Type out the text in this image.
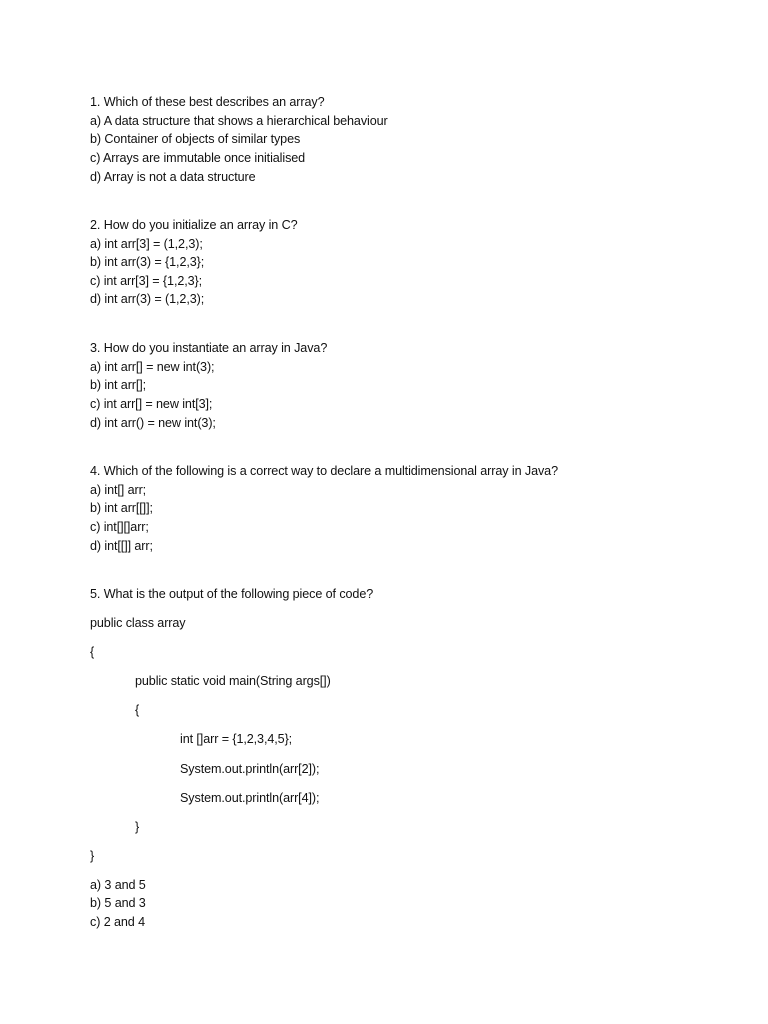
1. Which of these best describes an array?
a) A data structure that shows a hierarchical behaviour
b) Container of objects of similar types
c) Arrays are immutable once initialised
d) Array is not a data structure
2. How do you initialize an array in C?
a) int arr[3] = (1,2,3);
b) int arr(3) = {1,2,3};
c) int arr[3] = {1,2,3};
d) int arr(3) = (1,2,3);
3. How do you instantiate an array in Java?
a) int arr[] = new int(3);
b) int arr[];
c) int arr[] = new int[3];
d) int arr() = new int(3);
4. Which of the following is a correct way to declare a multidimensional array in Java?
a) int[] arr;
b) int arr[[]];
c) int[][]arr;
d) int[[]] arr;
5. What is the output of the following piece of code?
public class array
{
public static void main(String args[])
{
int []arr = {1,2,3,4,5};
System.out.println(arr[2]);
System.out.println(arr[4]);
}
}
a) 3 and 5
b) 5 and 3
c) 2 and 4
